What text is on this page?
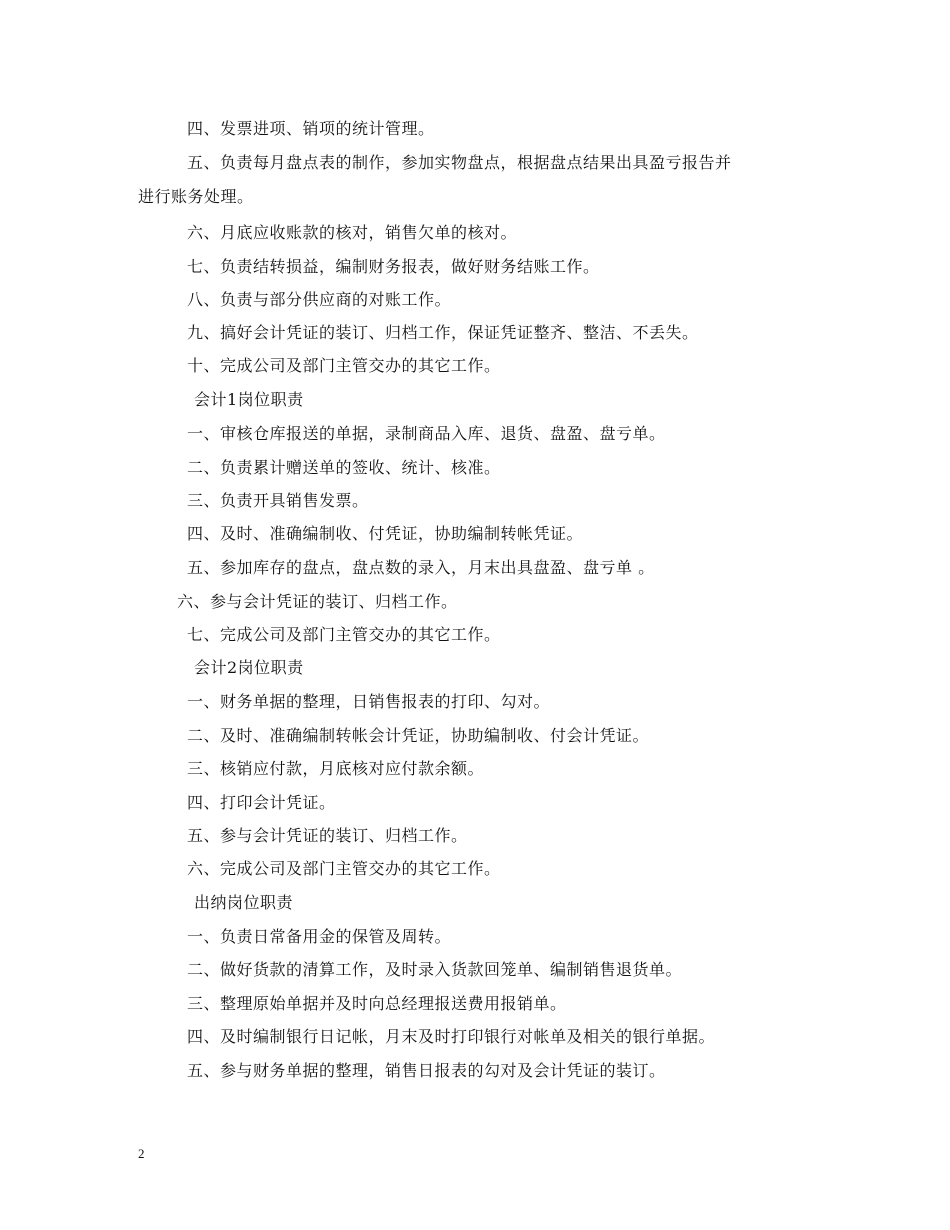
四、发票进项、销项的统计管理。
五、负责每月盘点表的制作，参加实物盘点，根据盘点结果出具盈亏报告并
进行账务处理。
六、月底应收账款的核对，销售欠单的核对。
七、负责结转损益，编制财务报表，做好财务结账工作。
八、负责与部分供应商的对账工作。
九、搞好会计凭证的装订、归档工作，保证凭证整齐、整洁、不丢失。
十、完成公司及部门主管交办的其它工作。
会计1岗位职责
一、审核仓库报送的单据，录制商品入库、退货、盘盈、盘亏单。
二、负责累计赠送单的签收、统计、核准。
三、负责开具销售发票。
四、及时、准确编制收、付凭证，协助编制转帐凭证。
五、参加库存的盘点，盘点数的录入，月末出具盘盈、盘亏单 。
六、参与会计凭证的装订、归档工作。
七、完成公司及部门主管交办的其它工作。
会计2岗位职责
一、财务单据的整理，日销售报表的打印、勾对。
二、及时、准确编制转帐会计凭证，协助编制收、付会计凭证。
三、核销应付款，月底核对应付款余额。
四、打印会计凭证。
五、参与会计凭证的装订、归档工作。
六、完成公司及部门主管交办的其它工作。
出纳岗位职责
一、负责日常备用金的保管及周转。
二、做好货款的清算工作，及时录入货款回笼单、编制销售退货单。
三、整理原始单据并及时向总经理报送费用报销单。
四、及时编制银行日记帐，月末及时打印银行对帐单及相关的银行单据。
五、参与财务单据的整理，销售日报表的勾对及会计凭证的装订。
2
